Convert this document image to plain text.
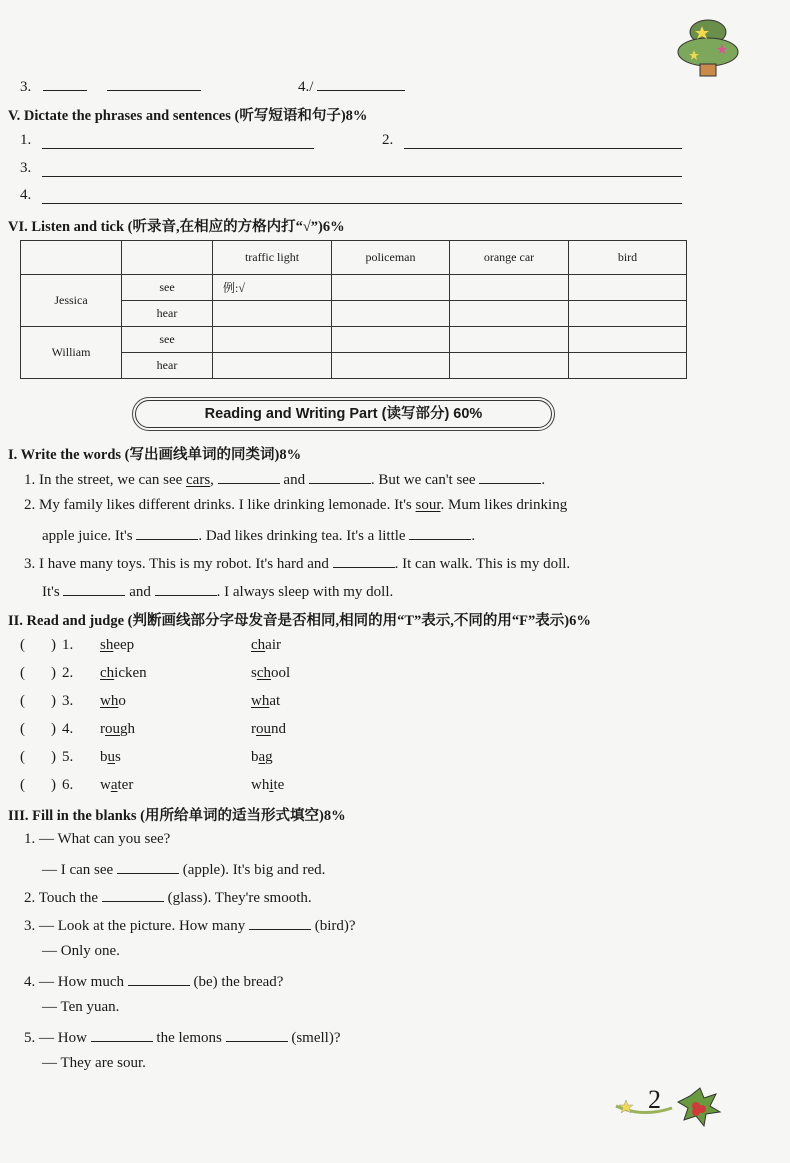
3.	4./
V. Dictate the phrases and sentences (听写短语和句子)8%
1.	2.
3.
4.
VI. Listen and tick (听录音,在相应的方格内打“√”)6%
		traffic light	policeman	orange car	bird
Jessica	see	例:√			
	hear				
William	see				
	hear				
Reading and Writing Part (读写部分) 60%
I. Write the words (写出画线单词的同类词)8%
1. In the street, we can see cars,	and	. But we can't see	.
2. My family likes different drinks. I like drinking lemonade. It's sour. Mum likes drinking
apple juice. It's	. Dad likes drinking tea. It's a little	.
3. I have many toys. This is my robot. It's hard and	. It can walk. This is my doll.
It's	and	. I always sleep with my doll.
II. Read and judge (判断画线部分字母发音是否相同,相同的用“T”表示,不同的用“F”表示)6%
( ) 1. sheep	chair
( ) 2. chicken	school
( ) 3. who	what
( ) 4. rough	round
( ) 5. bus	bag
( ) 6. water	white
III. Fill in the blanks (用所给单词的适当形式填空)8%
1. — What can you see?
— I can see	(apple). It's big and red.
2. Touch the	(glass). They're smooth.
3. — Look at the picture. How many	(bird)?
— Only one.
4. — How much	(be) the bread?
— Ten yuan.
5. — How	the lemons	(smell)?
— They are sour.
2
